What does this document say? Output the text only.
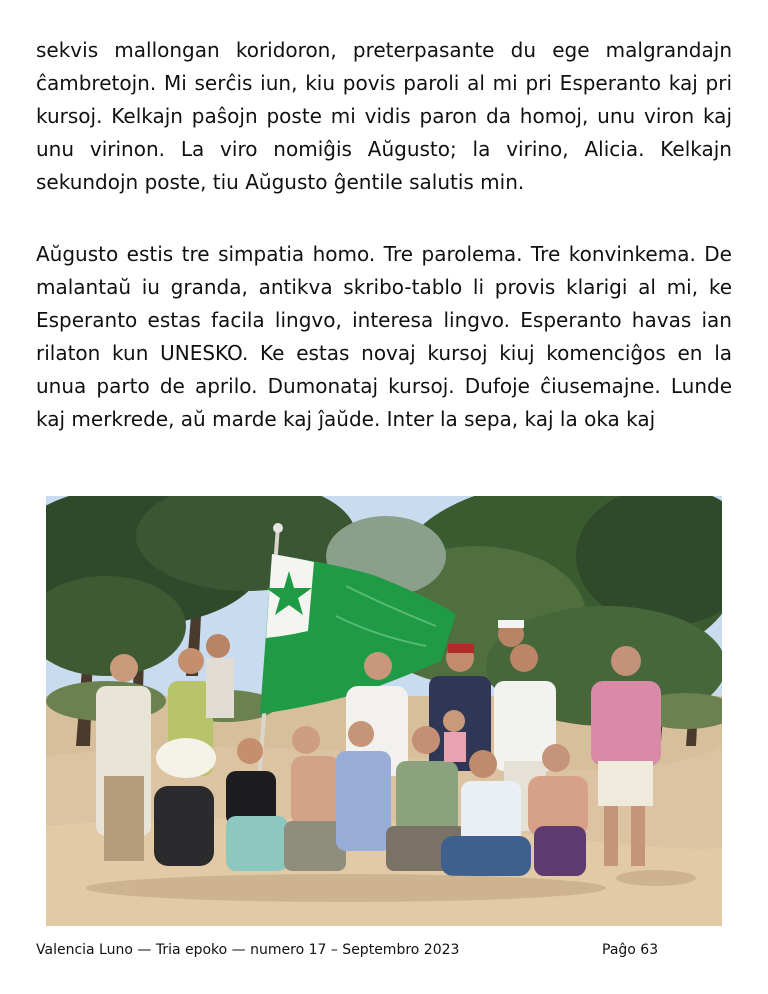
sekvis mallongan koridoron, preterpasante du ege malgrandajn ĉambretojn. Mi serĉis iun, kiu povis paroli al mi pri Esperanto kaj pri kursoj. Kelkajn paŝojn poste mi vidis paron da homoj, unu viron kaj unu virinon. La viro nomiĝis Aŭgusto; la virino, Alicia. Kelkajn sekundojn poste, tiu Aŭgusto ĝentile salutis min.

Aŭgusto estis tre simpatia homo. Tre parolema. Tre konvinkema. De malantaŭ iu granda, antikva skribo-tablo li provis klarigi al mi, ke Esperanto estas facila lingvo, interesa lingvo. Esperanto havas ian rilaton kun UNESKO. Ke estas novaj kursoj kiuj komenciĝos en la unua parto de aprilo. Dumonataj kursoj. Dufoje ĉiusemajne. Lunde kaj merkrede, aŭ marde kaj ĵaŭde. Inter la sepa, kaj la oka kaj

Valencia Luno — Tria epoko — numero 17 – Septembro 2023	Paĝo 63
